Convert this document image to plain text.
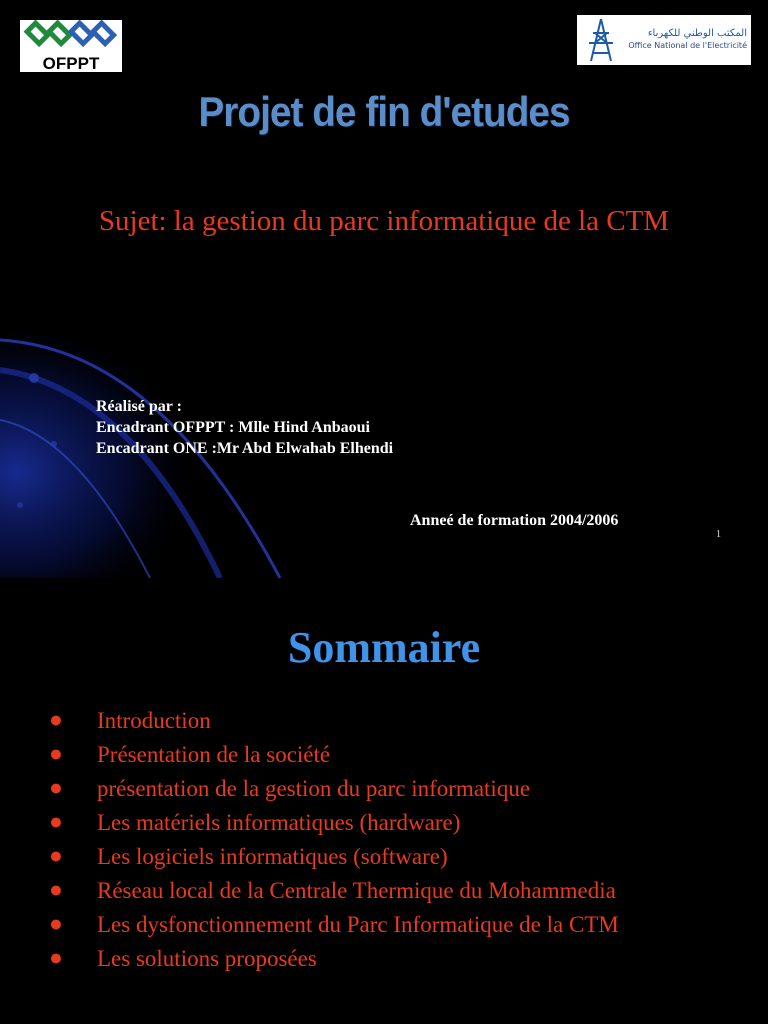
OFPPT
المكتب الوطني للكهرباء
Office National de l'Electricité
Projet de fin d'etudes
Sujet: la gestion du parc informatique de la CTM
Réalisé par :
Encadrant OFPPT : Mlle Hind Anbaoui
Encadrant ONE :Mr Abd Elwahab Elhendi
Anneé de formation 2004/2006
1
Sommaire
● Introduction
● Présentation de la société
● présentation de la gestion du parc informatique
● Les matériels informatiques (hardware)
● Les logiciels informatiques (software)
● Réseau local de la Centrale Thermique du Mohammedia
● Les dysfonctionnement du Parc Informatique de la CTM
● Les solutions proposées
